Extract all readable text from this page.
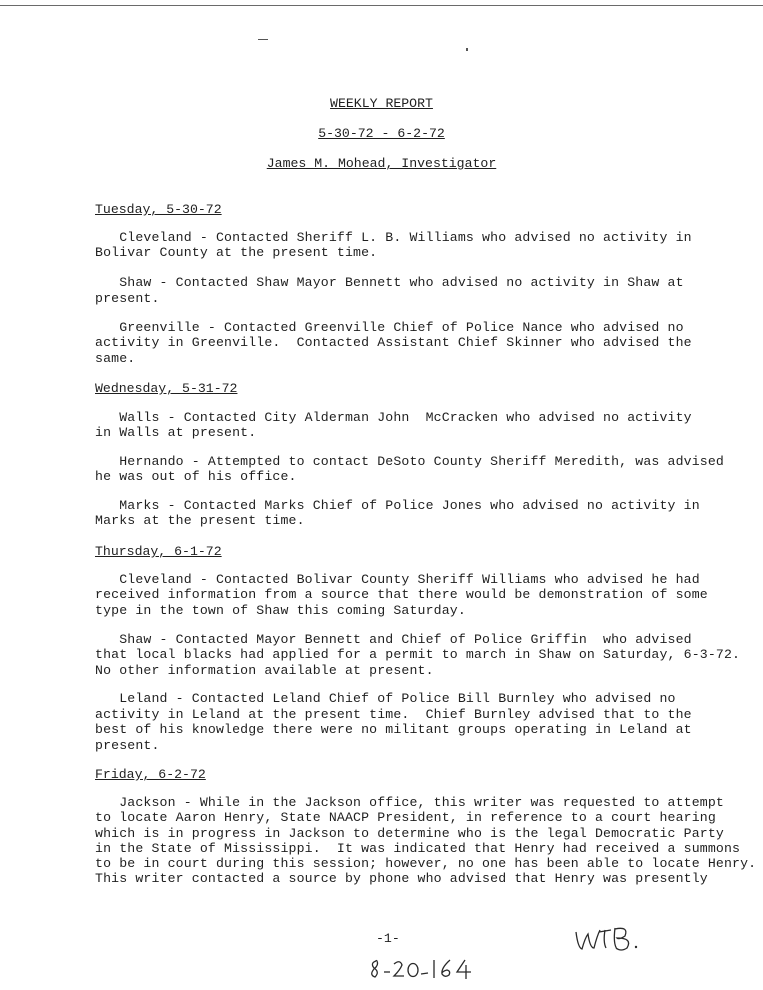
WEEKLY REPORT
5-30-72 - 6-2-72
James M. Mohead, Investigator
Tuesday, 5-30-72
Cleveland - Contacted Sheriff L. B. Williams who advised no activity in
Bolivar County at the present time.
Shaw - Contacted Shaw Mayor Bennett who advised no activity in Shaw at
present.
Greenville - Contacted Greenville Chief of Police Nance who advised no
activity in Greenville.  Contacted Assistant Chief Skinner who advised the
same.
Wednesday, 5-31-72
Walls - Contacted City Alderman John  McCracken who advised no activity
in Walls at present.
Hernando - Attempted to contact DeSoto County Sheriff Meredith, was advised
he was out of his office.
Marks - Contacted Marks Chief of Police Jones who advised no activity in
Marks at the present time.
Thursday, 6-1-72
Cleveland - Contacted Bolivar County Sheriff Williams who advised he had
received information from a source that there would be demonstration of some
type in the town of Shaw this coming Saturday.
Shaw - Contacted Mayor Bennett and Chief of Police Griffin  who advised
that local blacks had applied for a permit to march in Shaw on Saturday, 6-3-72.
No other information available at present.
Leland - Contacted Leland Chief of Police Bill Burnley who advised no
activity in Leland at the present time.  Chief Burnley advised that to the
best of his knowledge there were no militant groups operating in Leland at
present.
Friday, 6-2-72
Jackson - While in the Jackson office, this writer was requested to attempt
to locate Aaron Henry, State NAACP President, in reference to a court hearing
which is in progress in Jackson to determine who is the legal Democratic Party
in the State of Mississippi.  It was indicated that Henry had received a summons
to be in court during this session; however, no one has been able to locate Henry.
This writer contacted a source by phone who advised that Henry was presently
-1-
